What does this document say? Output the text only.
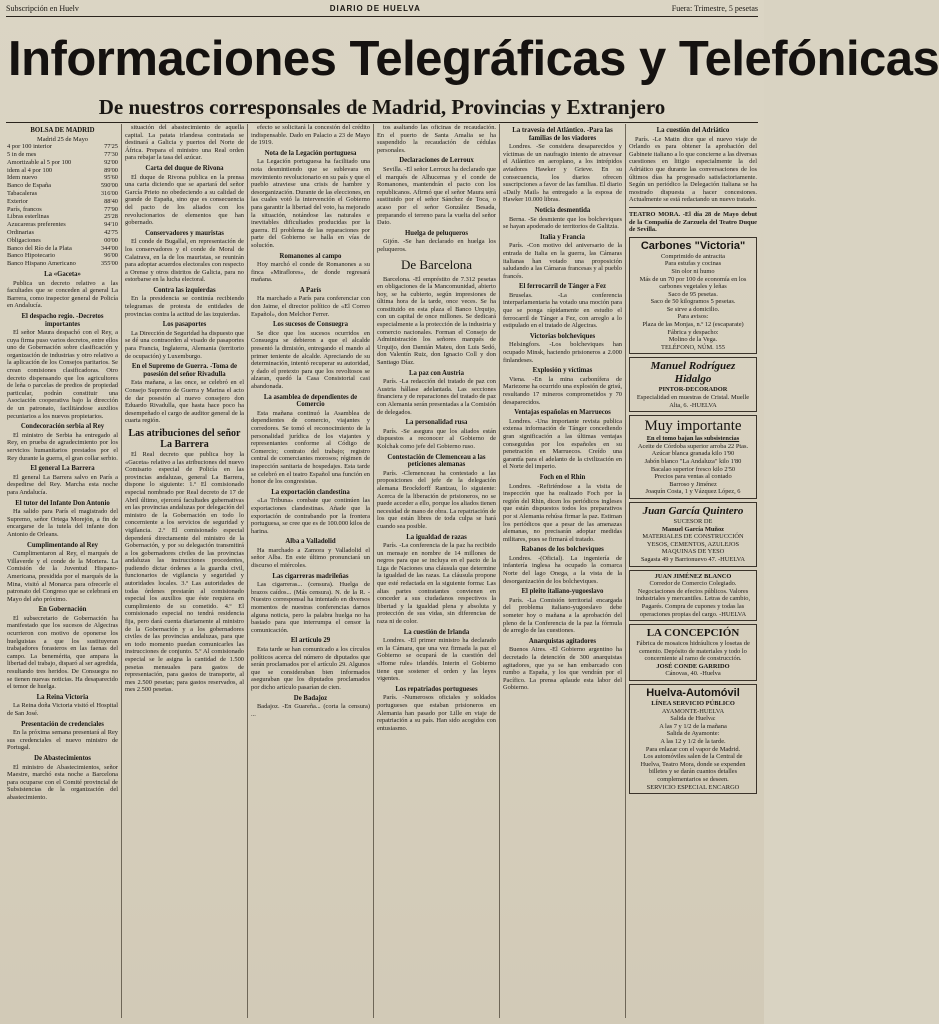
Subscripción en Huelv	DIARIO DE HUELVA	Fuera: Trimestre, 5 pesetas
Informaciones Telegráficas y Telefónicas
De nuestros corresponsales de Madrid, Provincias y Extranjero
BOLSA DE MADRID
Madrid 25 de Mayo
4 por 100 interior	77'25
5 in de mes	77'30
Amortizable al 5 por 100	92'00
idem al 4 por 100	89'00
Idem nuevo	95'60
Banco de España	590'00
Tabacaleras	316'00
Exterior	88'40
París, francos	77'90
Libras esterlinas	25'28
Azucareras preferentes	94'10
Ordinarias	42'75
Obligaciones	00'00
Banco del Río de la Plata	344'00
Banco Hipotecario	96'00
Banco Hispano Americano	355'00
La «Gaceta»

Publica un decreto relativo a las facultades que se conceden al general La Barrera, como inspector general de Policía en Andalucía.

El despacho regio. -Decretos importantes

El señor Maura despachó con el Rey, a cuya firma puso varios decretos, entre ellos uno de Gobernación sobre clasificación y organización de industrias y otro relativo a la aplicación de los Consejos paritarios. Se crean comisiones clasificadoras. Otro decreto dispensando que los agricultores de leña o parcelas de predios de propiedad particular, podrán constituir una Asociación cooperativa bajo la dirección de un patronato, facilitándose auxilios pecuniarios a los nuevos propietarios.

Condecoración serbia al Rey

El ministro de Serbia ha entregado al Rey, en prueba de agradecimiento por los servicios humanitarios prestados por el Rey durante la guerra, el gran collar serbio.

El general La Barrera

El general La Barrera salvo en París a despedirse del Rey. Marcha esta noche para Andalucía.

El tutor del Infante Don Antonio

Ha salido para París el magistrado del Supremo, señor Ortega Morejón, a fin de encargarse de la tutela del infante don Antonio de Orleans.

Cumplimentando al Rey

Cumplimentaron al Rey, el marqués de Villaverde y el conde de la Mortera. La Comisión de la Juventud Hispano-Americana, presidida por el marqués de la Mina, visitó al Monarca para ofrecerle el patronato del Congreso que se celebrará en Mayo del año próximo.

En Gobernación

El subsecretario de Gobernación ha manifestado que los sucesos de Algeciras ocurrieron con motivo de oponerse los huelguistas a que los sustituyeran trabajadores forasteros en las faenas del campo. La benemérita, que ampara la libertad del trabajo, disparó al ser agredida, resultando tres heridos. De Consuegra no se tienen nuevas noticias. Ha desaparecido el temor de huelga.

La Reina Victoria

La Reina doña Victoria visitó el Hospital de San José.

Presentación de credenciales

En la próxima semana presentará al Rey sus credenciales el nuevo ministro de Portugal.

De Abastecimientos

El ministro de Abastecimientos, señor Maestre, marchó esta noche a Barcelona para ocuparse con el Comité provincial de Subsistencias de la organización del abastecimiento.

situación del abastecimiento de aquella capital. La patata irlandesa contratada se destinará a Galicia y puertos del Norte de África. Prepara el ministro una Real orden para rebajar la tasa del azúcar.

Carta del duque de Rivona

El duque de Rivona publica en la prensa una carta diciendo que se apartará del señor García Prieto no obedeciendo a su calidad de grande de España, sino que es consecuencia del pacto de los aliados con los revolucionarios de elementos que han gobernado.

Conservadores y mauristas

El conde de Bugallal, en representación de los conservadores y el conde de Moral de Calatrava, en la de los mauristas, se reunirán para adoptar acuerdos electorales con respecto a Orense y otros distritos de Galicia, para no estorbarse en la lucha electoral.

Contra las izquierdas

En la presidencia se continúa recibiendo telegramas de protesta de entidades de provincias contra la actitud de las izquierdas.

Los pasaportes

La Dirección de Seguridad ha dispuesto que se dé una contraorden al visado de pasaportes para Francia, Inglaterra, Alemania (territorio de ocupación) y Luxemburgo.

En el Supremo de Guerra. -Toma de posesión del señor Rivadulla

Esta mañana, a las once, se celebró en el Consejo Supremo de Guerra y Marina el acto de dar posesión al nuevo consejero don Eduardo Rivadulla, que hasta hace poco ha desempeñado el cargo de auditor general de la cuarta región.

Las atribuciones del señor La Barrera

El Real decreto que publica hoy la «Gaceta» relativo a las atribuciones del nuevo Comisario especial de Policía en las provincias andaluzas, general La Barrera, dispone lo siguiente: 1.º El comisionado especial nombrado por Real decreto de 17 de Abril último, ejercerá facultades gubernativas en las provincias andaluzas por delegación del ministro de la Gobernación en todo lo concerniente a los servicios de seguridad y vigilancia. 2.º El comisionado especial dependerá directamente del ministro de la Gobernación, y por su delegación transmitirá a los gobernadores civiles de las provincias andaluzas las instrucciones procedentes, pudiendo dictar órdenes a la guardia civil, funcionarios de vigilancia y seguridad y autoridades locales. 3.º Las autoridades de todas órdenes prestarán al comisionado especial los auxilios que éste requiera en cumplimiento de su cometido. 4.º El comisionado especial no tendrá residencia fija, pero dará cuenta diariamente al ministro de la Gobernación y a los gobernadores civiles de las provincias andaluzas, para que en todo momento puedan comunicarles las instrucciones de conjunto. 5.º Al comisionado especial se le asigna la cantidad de 1.500 pesetas mensuales para gastos de representación, para gastos de transporte, al mes 2.500 pesetas; para gastos reservados, al mes 2.500 pesetas.

efecto se solicitará la concesión del crédito indispensable. Dado en Palacio a 23 de Mayo de 1919.

Nota de la Legación portuguesa

La Legación portuguesa ha facilitado una nota desmintiendo que se sublevara en movimiento revolucionario en su país y que el pueblo atraviese una crisis de hambre y desorganización. Durante de las elecciones, en las cuales votó la intervención el Gobierno para garantir la libertad del voto, ha mejorado la situación, notándose las naturales e inevitables dificultades producidas por la guerra. El problema de las reparaciones por parte del Gobierno se halla en vías de solución.

Romanones al campo

Hoy marchó el conde de Romanones a su finca «Miraflores», de donde regresará mañana.

A París

Ha marchado a París para conferenciar con don Jaime, el director político de «El Correo Español», don Melchor Ferrer.

Los sucesos de Consuegra

Se dice que los sucesos ocurridos en Consuegra se debieron a que el alcalde presentó la dimisión, entregando el mando al primer teniente de alcalde. Apreciando de su determinación, intentó recuperar su autoridad, y dado el pretexto para que los revoltosos se alzaran, quedó la Casa Consistorial casi abandonada.

La asamblea de dependientes de Comercio

Esta mañana continuó la Asamblea de dependientes de comercio, viajantes y corredores. Se tomó el reconocimiento de la personalidad jurídica de los viajantes y representantes conforme al Código de Comercio; contrato del trabajo; registro central de comerciantes morosos; régimen de inspección sanitaria de hospedajes. Esta tarde se celebró en el teatro Español una función en honor de los congresistas.

La exportación clandestina

«La Tribuna» combate que continúen las exportaciones clandestinas. Añade que la exportación de contrabando por la frontera portuguesa, se cree que es de 100.000 kilos de harina.

Alba a Valladolid

Ha marchado a Zamora y Valladolid el señor Alba. En este último pronunciará un discurso el miércoles.

Las cigarreras madrileñas

Las cigarreras... (censura). Huelga de brazos caídos... (Más censura). N. de la R. -Nuestro corresponsal ha intentado en diversos momentos de nuestras conferencias darnos alguna noticia, pero la palabra huelga no ha bastado para que interrumpa el censor la comunicación.

El artículo 29

Esta tarde se han comunicado a los círculos políticos acerca del número de diputados que serán proclamados por el artículo 29. Algunos que se consideraban bien informados aseguraban que los diputados proclamados por dicho artículo pasarían de cien.

De Badajoz

Badajoz. -En Guareña... (corta la censura) ...

tos asaltando las oficinas de recaudación. En el puerto de Santa Amalia se ha suspendido la recaudación de cédulas personales.

Declaraciones de Lerroux

Sevilla. -El señor Lerroux ha declarado que el marqués de Alhucemas y el conde de Romanones, mantendrán el pacto con los republicanos. Afirmó que el señor Maura será sustituido por el señor Sánchez de Toca, o acaso por el señor González Besada, preparando el terreno para la vuelta del señor Dato.

Huelga de peluqueros

Gijón. -Se han declarado en huelga los peluqueros.

De Barcelona

Barcelona. -El empréstito de 7.312 pesetas en obligaciones de la Mancomunidad, abierto hoy, se ha cubierto, según impresiones de última hora de la tarde, once veces. Se ha constituido en esta plaza el Banco Urquijo, con un capital de once millones. Se dedicará especialmente a la protección de la industria y comercio nacionales. Forman el Consejo de Administración los señores marqués de Urquijo, don Damián Mateu, don Luis Sedó, don Valentín Ruiz, don Ignacio Coll y don Santiago Díaz.

La paz con Austria

París. -La redacción del tratado de paz con Austria hállase adelantada. Las secciones financiera y de reparaciones del tratado de paz con Alemania serán presentadas a la Comisión de delegados.

La personalidad rusa

París. -Se asegura que los aliados están dispuestos a reconocer al Gobierno de Kolchak como jefe del Gobierno ruso.

Contestación de Clemenceau a las peticiones alemanas

París. -Clemenceau ha contestado a las proposiciones del jefe de la delegación alemana Brockdorff Rantzau, lo siguiente: Acerca de la liberación de prisioneros, no se puede acceder a ello, porque los aliados tienen necesidad de mano de obra. La repatriación de los que están libres de toda culpa se hará cuando sea posible.

La igualdad de razas

París. -La conferencia de la paz ha recibido un mensaje en nombre de 14 millones de negros para que se incluya en el pacto de la Liga de Naciones una cláusula que determine la igualdad de las razas. La cláusula propone que esté redactada en la siguiente forma: Las altas partes contratantes convienen en conceder a sus ciudadanos respectivos la libertad y la igualdad plena y absoluta y protección de sus vidas, sin diferencias de raza ni de color.

La cuestión de Irlanda

Londres. -El primer ministro ha declarado en la Cámara, que una vez firmada la paz el Gobierno se ocupará de la cuestión del «Home rule» irlandés. Interin el Gobierno tiene que sostener el orden y las leyes vigentes.

Los repatriados portugueses

París. -Numerosos oficiales y soldados portugueses que estaban prisioneros en Alemania han pasado por Lille en viaje de repatriación a su país. Han sido acogidos con entusiasmo.

La travesía del Atlántico. -Para las familias de los viadores

Londres. -Se considera desaparecidos y víctimas de un naufragio intento de atravesar el Atlántico en aeroplano, a los intrépidos aviadores Hawker y Grieve. En su consecuencia, los diarios ofrecen suscripciones a favor de las familias. El diario «Daily Mail» ha entregado a la esposa de Hawker 10.000 libras.

Noticia desmentida

Berna. -Se desmiente que los bolcheviques se hayan apoderado de territorios de Galitzia.

Italia y Francia

París. -Con motivo del aniversario de la entrada de Italia en la guerra, las Cámaras italianas han votado una proposición saludando a las Cámaras francesas y al pueblo francés.

El ferrocarril de Tánger a Fez

Bruselas. -La conferencia interparlamentaria ha votado una moción para que se ponga rápidamente en estudio el ferrocarril de Tánger a Fez, con arreglo a lo estipulado en el tratado de Algeciras.

Victorias bolcheviques

Helsingfors. -Los bolcheviques han ocupado Minsk, haciendo prisioneros a 2.000 finlandeses.

Explosión y víctimas

Viena. -En la mina carbonífera de Mariezene ha ocurrido una explosión de grisú, resultando 17 mineros comprometidos y 70 desaparecidos.

Ventajas españolas en Marruecos

Londres. -Una importante revista publica extensa información de Tánger concediendo gran significación a las últimas ventajas conseguidas por los españoles en su penetración en Marruecos. Creído una garantía para el adelanto de la civilización en el Norte del imperio.

Foch en el Rhin

Londres. -Refiriéndose a la visita de inspección que ha realizado Foch por la región del Rhin, dicen los periódicos ingleses que están dispuestos todos los preparativos por si Alemania rehúsa firmar la paz. Estiman los periódicos que a pesar de las amenazas alemanas, no precisarán adoptar medidas militares, pues se firmará el tratado.

Rabanos de los bolcheviques

Londres. -(Oficial). La ingeniería de infantería inglesa ha ocupado la comarca Norte del lago Onega, a la vista de la desorganización de los bolcheviques.

El pleito italiano-yugoeslavo

París. -La Comisión territorial encargada del problema italiano-yugoeslavo debe someter hoy o mañana a la aprobación del pleno de la Conferencia de la paz la fórmula de arreglo de las cuestiones.

Anarquistas agitadores

Buenos Aires. -El Gobierno argentino ha decretado la detención de 300 anarquistas agitadores, que ya se han embarcado con rumbo a España, y los que vendrán por el Pacífico. La prensa aplaude esta labor del Gobierno.

La cuestión del Adriático

París. -Le Matin dice que el nuevo viaje de Orlando es para obtener la aprobación del Gabinete italiano a lo que concierne a las diversas cuestiones en litigio especialmente la del Adriático que durante las conversaciones de los últimos días ha progresado satisfactoriamente. Según un periódico la Delegación italiana se ha mostrado dispuesta a hacer concesiones. Actualmente se está redactando un nuevo tratado.

TEATRO MORA. -El día 28 de Mayo debut de la Compañía de Zarzuela del Teatro Duque de Sevilla.

Carbones "Victoria"
Comprimido de antracita
Para estufas y cocinas
Sin olor ni humo
Más de un 70 por 100 de economía en los carbones vegetales y leñas
Saco de 95 pesetas.
Saco de 50 kilogramos 5 pesetas.
Se sirve a domicilio.
Para avisos:
Plaza de las Monjas, n.º 12 (escaparate)
Fábrica y despacho:
Molino de la Vega.
TELÉFONO, NÚM. 155
Manuel Rodríguez Hidalgo
PINTOR-DECORADOR
Especialidad en muestras de Cristal. Muelle Alta, 6. -HUELVA
Muy importante
En el tomo bajan las subsistencias
Aceite de Córdoba superior arroba 22 Ptas.
Azúcar blanca granada kilo 1'90
Jabón blanco "La Andaluza" kilo 1'80
Bacalao superior fresco kilo 2'50
Precios para ventas al contado
Barroso y Jiménez
Joaquín Costa, 1 y Vázquez López, 6
Juan García Quintero
SUCESOR DE
Manuel García Muñoz
MATERIALES DE CONSTRUCCIÓN
YESOS, CEMENTOS, AZULEJOS
MAQUINAS DE YESO
Sagasta 49 y Barrionuevo 47. -HUELVA
JUAN JIMÉNEZ BLANCO
Corredor de Comercio Colegiado. Negociaciones de efectos públicos. Valores industriales y mercantiles. Letras de cambio, Pagarés. Compra de cupones y todas las operaciones propias del cargo. -HUELVA
LA CONCEPCIÓN
Fábrica de mosaicos hidráulicos y losetas de cemento. Depósito de materiales y todo lo concerniente al ramo de construcción.
JOSÉ CONDE GARRIDO
Cánovas, 40. -Huelva
Huelva-Automóvil
LÍNEA SERVICIO PÚBLICO
AYAMONTE-HUELVA
Salida de Huelva:
A las 7 y 1/2 de la mañana
Salida de Ayamonte:
A las 12 y 1/2 de la tarde.
Para enlazar con el vapor de Madrid.
Los automóviles salen de la Central de Huelva, Teatro Mora, donde se expenden billetes y se darán cuantos detalles complementarios se deseen.
SERVICIO ESPECIAL ENCARGO
